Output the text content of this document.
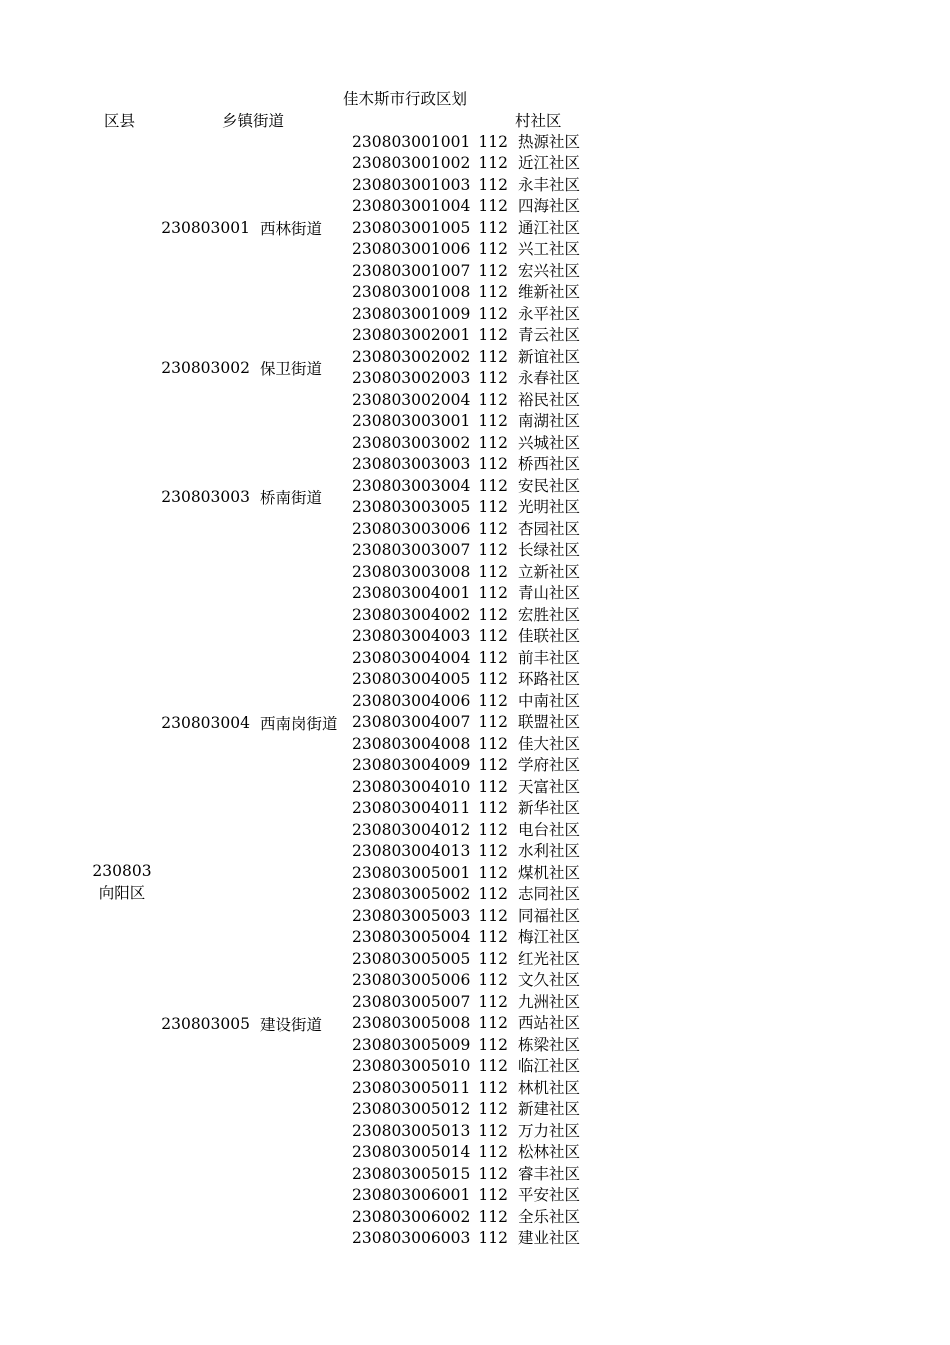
佳木斯市行政区划
区县	乡镇街道	村社区
230803
向阳区
230803001 西林街道
230803002 保卫街道
230803003 桥南街道
230803004 西南岗街道
230803005 建设街道
230803001001 112 热源社区
230803001002 112 近江社区
230803001003 112 永丰社区
230803001004 112 四海社区
230803001005 112 通江社区
230803001006 112 兴工社区
230803001007 112 宏兴社区
230803001008 112 维新社区
230803001009 112 永平社区
230803002001 112 青云社区
230803002002 112 新谊社区
230803002003 112 永春社区
230803002004 112 裕民社区
230803003001 112 南湖社区
230803003002 112 兴城社区
230803003003 112 桥西社区
230803003004 112 安民社区
230803003005 112 光明社区
230803003006 112 杏园社区
230803003007 112 长绿社区
230803003008 112 立新社区
230803004001 112 青山社区
230803004002 112 宏胜社区
230803004003 112 佳联社区
230803004004 112 前丰社区
230803004005 112 环路社区
230803004006 112 中南社区
230803004007 112 联盟社区
230803004008 112 佳大社区
230803004009 112 学府社区
230803004010 112 天富社区
230803004011 112 新华社区
230803004012 112 电台社区
230803004013 112 水利社区
230803005001 112 煤机社区
230803005002 112 志同社区
230803005003 112 同福社区
230803005004 112 梅江社区
230803005005 112 红光社区
230803005006 112 文久社区
230803005007 112 九洲社区
230803005008 112 西站社区
230803005009 112 栋梁社区
230803005010 112 临江社区
230803005011 112 林机社区
230803005012 112 新建社区
230803005013 112 万力社区
230803005014 112 松林社区
230803005015 112 睿丰社区
230803006001 112 平安社区
230803006002 112 全乐社区
230803006003 112 建业社区
